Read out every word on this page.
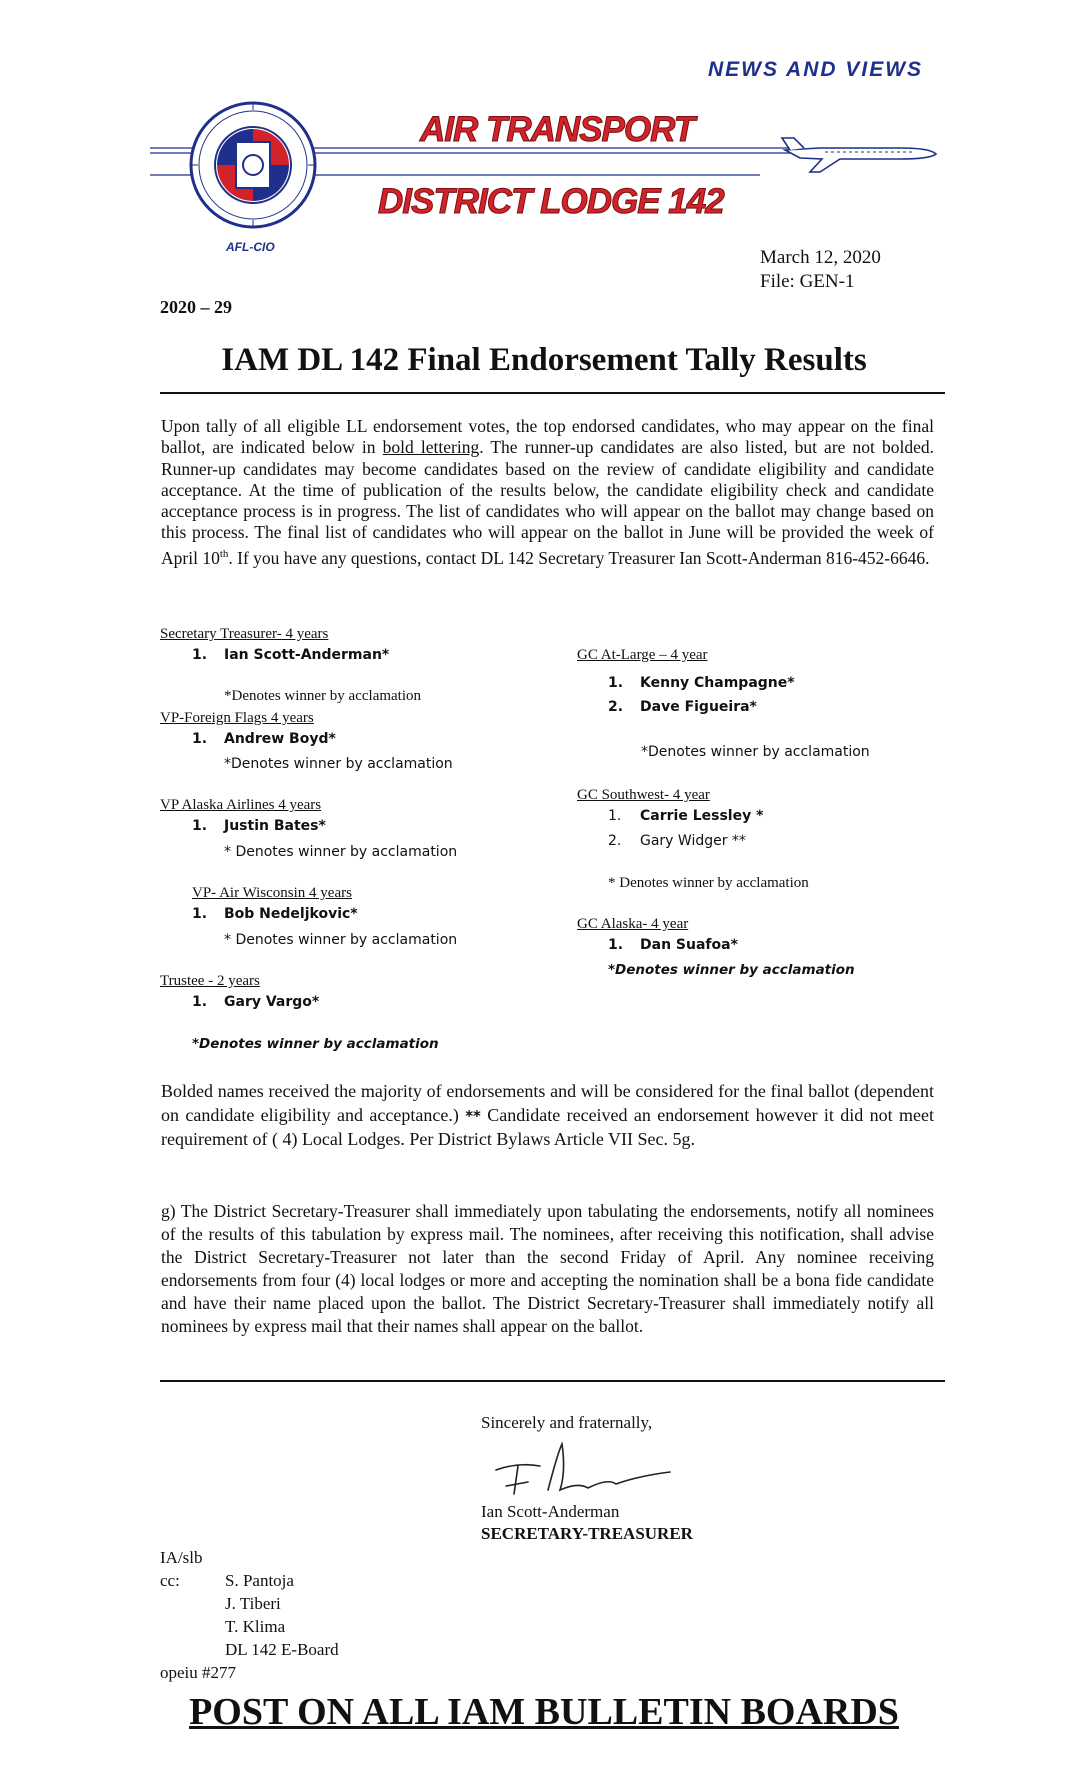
NEWS AND VIEWS
AIR TRANSPORT
DISTRICT LODGE 142
AFL-CIO	March 12, 2020
File: GEN-1
2020 – 29
IAM DL 142 Final Endorsement Tally Results
Upon tally of all eligible LL endorsement votes, the top endorsed candidates, who may appear on the final ballot, are indicated below in bold lettering. The runner-up candidates are also listed, but are not bolded. Runner-up candidates may become candidates based on the review of candidate eligibility and candidate acceptance. At the time of publication of the results below, the candidate eligibility check and candidate acceptance process is in progress. The list of candidates who will appear on the ballot may change based on this process. The final list of candidates who will appear on the ballot in June will be provided the week of April 10th. If you have any questions, contact DL 142 Secretary Treasurer Ian Scott-Anderman 816-452-6646.
Secretary Treasurer- 4 years
1. Ian Scott-Anderman*
*Denotes winner by acclamation
VP-Foreign Flags 4 years
1. Andrew Boyd*
*Denotes winner by acclamation
VP Alaska Airlines 4 years
1. Justin Bates*
* Denotes winner by acclamation
VP- Air Wisconsin 4 years
1. Bob Nedeljkovic*
* Denotes winner by acclamation
Trustee - 2 years
1. Gary Vargo*
*Denotes winner by acclamation
GC At-Large – 4 year
1. Kenny Champagne*
2. Dave Figueira*
*Denotes winner by acclamation
GC Southwest- 4 year
1. Carrie Lessley *
2. Gary Widger **
* Denotes winner by acclamation
GC Alaska- 4 year
1. Dan Suafoa*
*Denotes winner by acclamation
Bolded names received the majority of endorsements and will be considered for the final ballot (dependent on candidate eligibility and acceptance.) ** Candidate received an endorsement however it did not meet requirement of ( 4) Local Lodges. Per District Bylaws Article VII Sec. 5g.
g) The District Secretary-Treasurer shall immediately upon tabulating the endorsements, notify all nominees of the results of this tabulation by express mail. The nominees, after receiving this notification, shall advise the District Secretary-Treasurer not later than the second Friday of April. Any nominee receiving endorsements from four (4) local lodges or more and accepting the nomination shall be a bona fide candidate and have their name placed upon the ballot. The District Secretary-Treasurer shall immediately notify all nominees by express mail that their names shall appear on the ballot.
Sincerely and fraternally,
Ian Scott-Anderman
SECRETARY-TREASURER
IA/slb
cc:	S. Pantoja
J. Tiberi
T. Klima
DL 142 E-Board
opeiu #277
POST ON ALL IAM BULLETIN BOARDS
